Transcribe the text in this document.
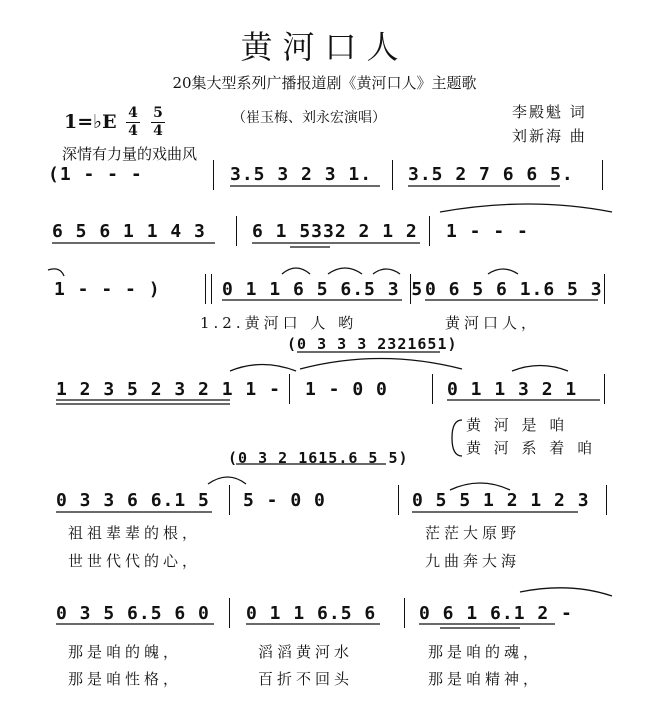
黄河口人
20集大型系列广播报道剧《黄河口人》主题歌
1=♭E 4
4
5
4
（崔玉梅、刘永宏演唱）	李殿魁 词
刘新海 曲
深情有力量的戏曲风
(1 - - -	3.5 3 2 3 1. 3.5 2 7 6 6 5.
6 5 6 1 1 4 3	6 1 5332 2 1 2 1 - - -
1 - - - )	0 1 1 6 5 6.5 3 5 0 6 5 6 1.6 5 3
1.2.黄河口 人 哟	黄河口人，
(0 3 3 3 2321651)
1 2 3 5 2 3 2 1 1 - 1 - 0 0	0 1 1 3 2 1
黄 河 是 咱
黄 河 系 着 咱
(0 3 2 1615.6 5 5)
0 3 3 6 6.1 5 5 - 0 0	0 5 5 1 2 1 2 3
祖祖辈辈的根，	茫茫大原野
世世代代的心，	九曲奔大海
0 3 5 6.5 6 0 0 1 1 6.5 6 0 6 1 6.1 2 -
那是咱的魄，	滔滔黄河水	那是咱的魂，
那是咱性格，	百折不回头	那是咱精神，
